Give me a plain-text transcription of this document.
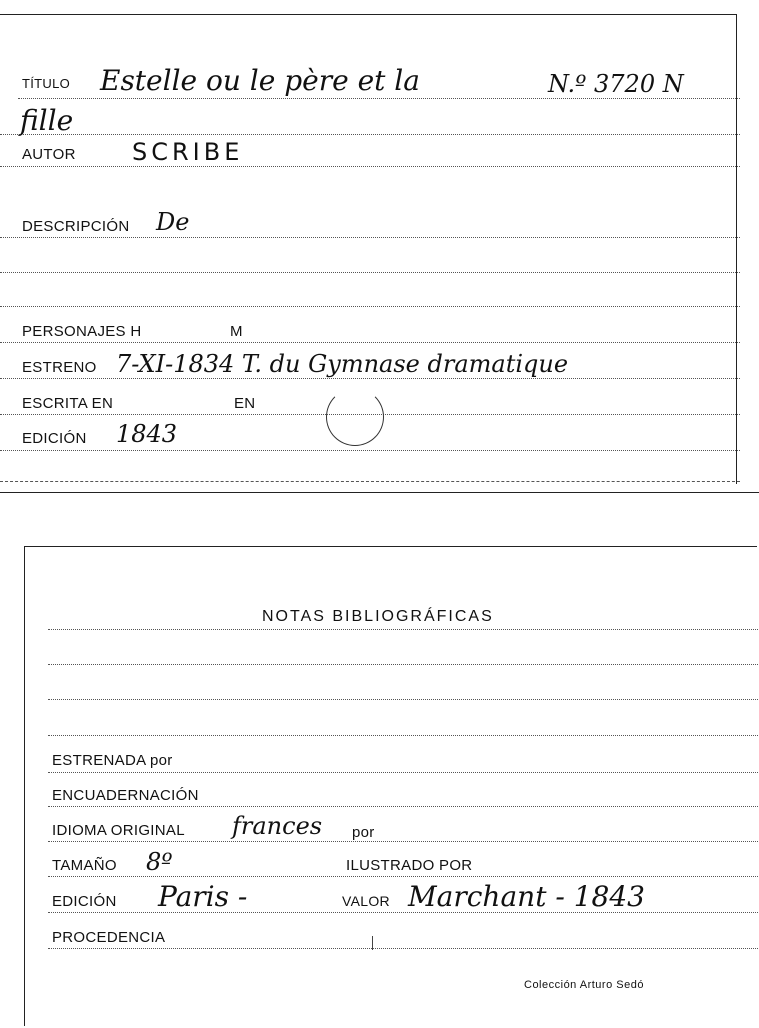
TÍTULO Estelle ou le père et la	N.º 3720 N
fille
AUTOR SCRIBE
DESCRIPCIÓN De
PERSONAJES H	M
ESTRENO 7-XI-1834 T. du Gymnase dramatique
ESCRITA EN	EN
EDICIÓN 1843
NOTAS BIBLIOGRÁFICAS
ESTRENADA por
ENCUADERNACIÓN
IDIOMA ORIGINAL frances por
TAMAÑO 8º	ILUSTRADO POR
EDICIÓN Paris -	VALOR Marchant - 1843
PROCEDENCIA
Colección Arturo Sedó
